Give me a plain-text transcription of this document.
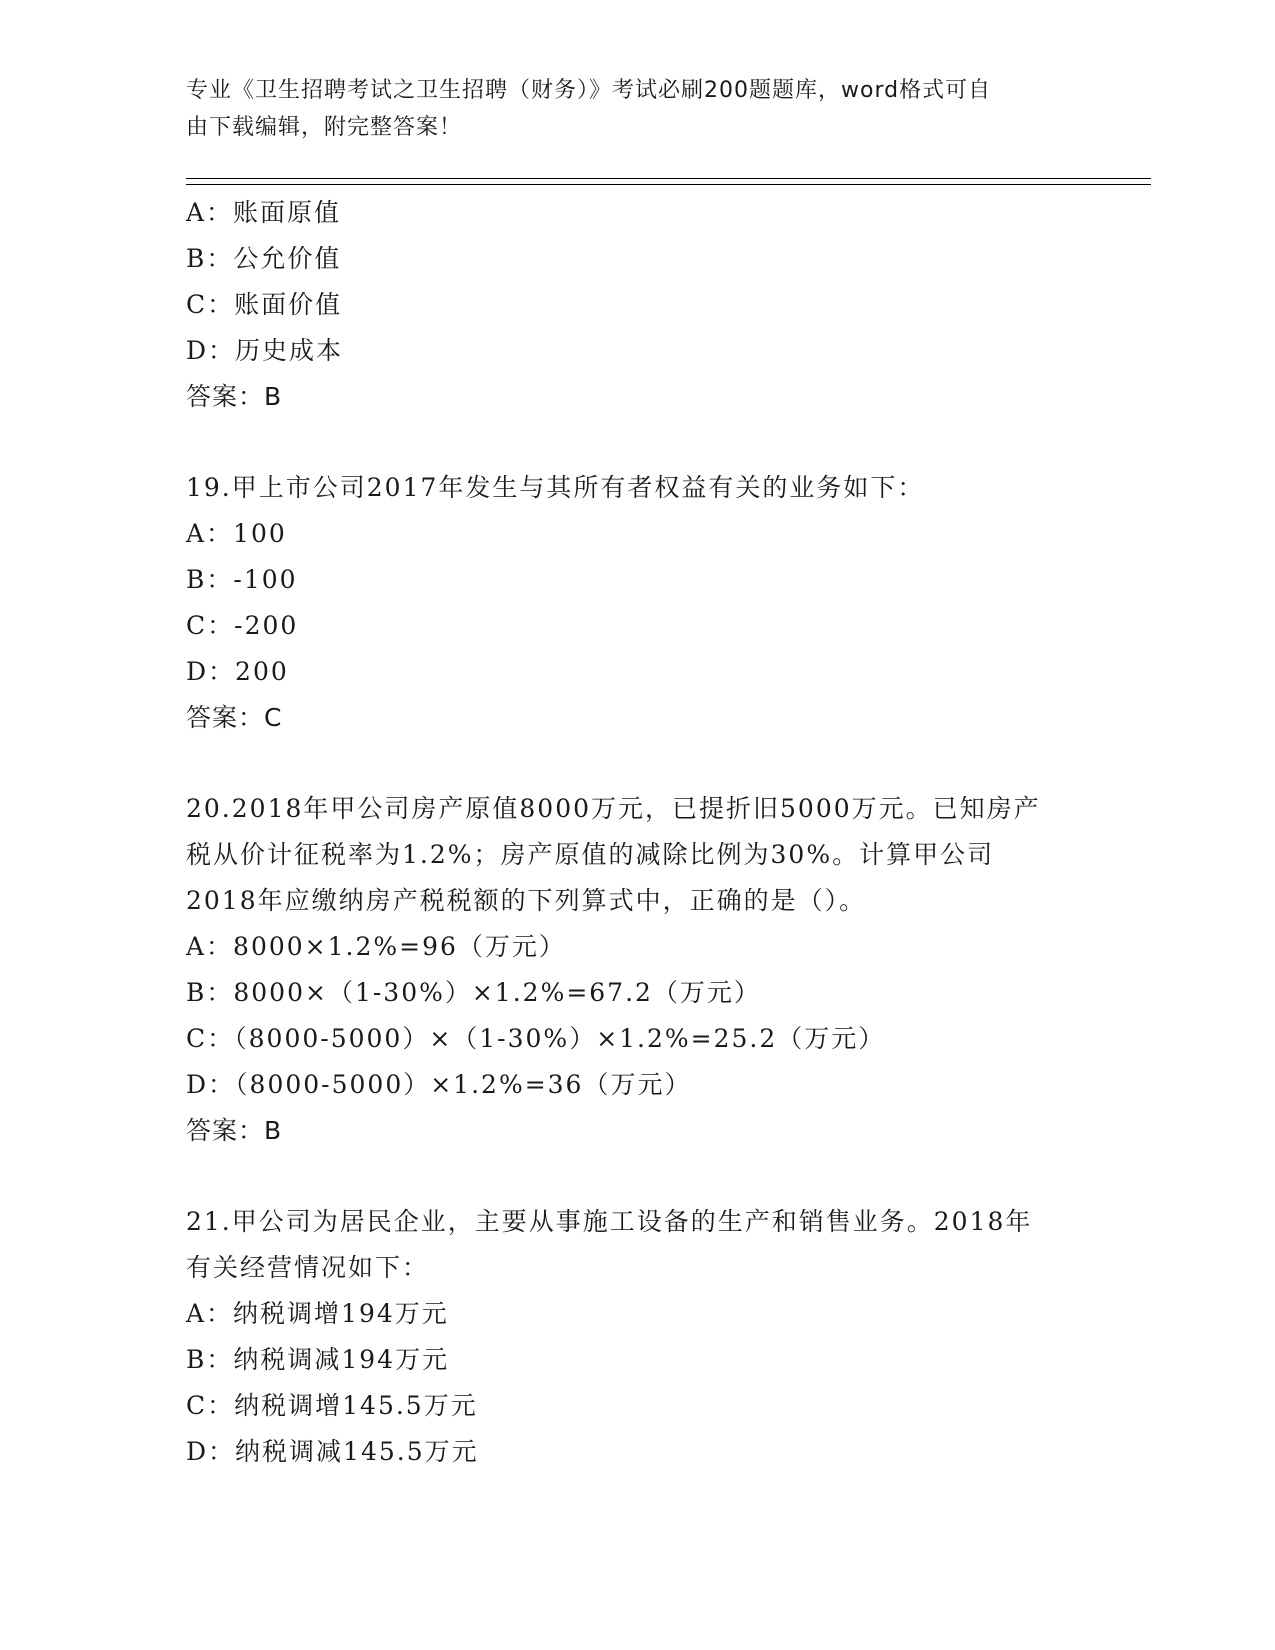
专业《卫生招聘考试之卫生招聘（财务）》考试必刷200题题库，word格式可自
由下载编辑，附完整答案！
A：账面原值
B：公允价值
C：账面价值
D：历史成本
答案：B
19.甲上市公司2017年发生与其所有者权益有关的业务如下：
A：100
B：-100
C：-200
D：200
答案：C
20.2018年甲公司房产原值8000万元，已提折旧5000万元。已知房产
税从价计征税率为1.2%；房产原值的减除比例为30%。计算甲公司
2018年应缴纳房产税税额的下列算式中，正确的是（）。
A：8000×1.2%=96（万元）
B：8000×（1-30%）×1.2%=67.2（万元）
C：（8000-5000）×（1-30%）×1.2%=25.2（万元）
D：（8000-5000）×1.2%=36（万元）
答案：B
21.甲公司为居民企业，主要从事施工设备的生产和销售业务。2018年
有关经营情况如下：
A：纳税调增194万元
B：纳税调减194万元
C：纳税调增145.5万元
D：纳税调减145.5万元
